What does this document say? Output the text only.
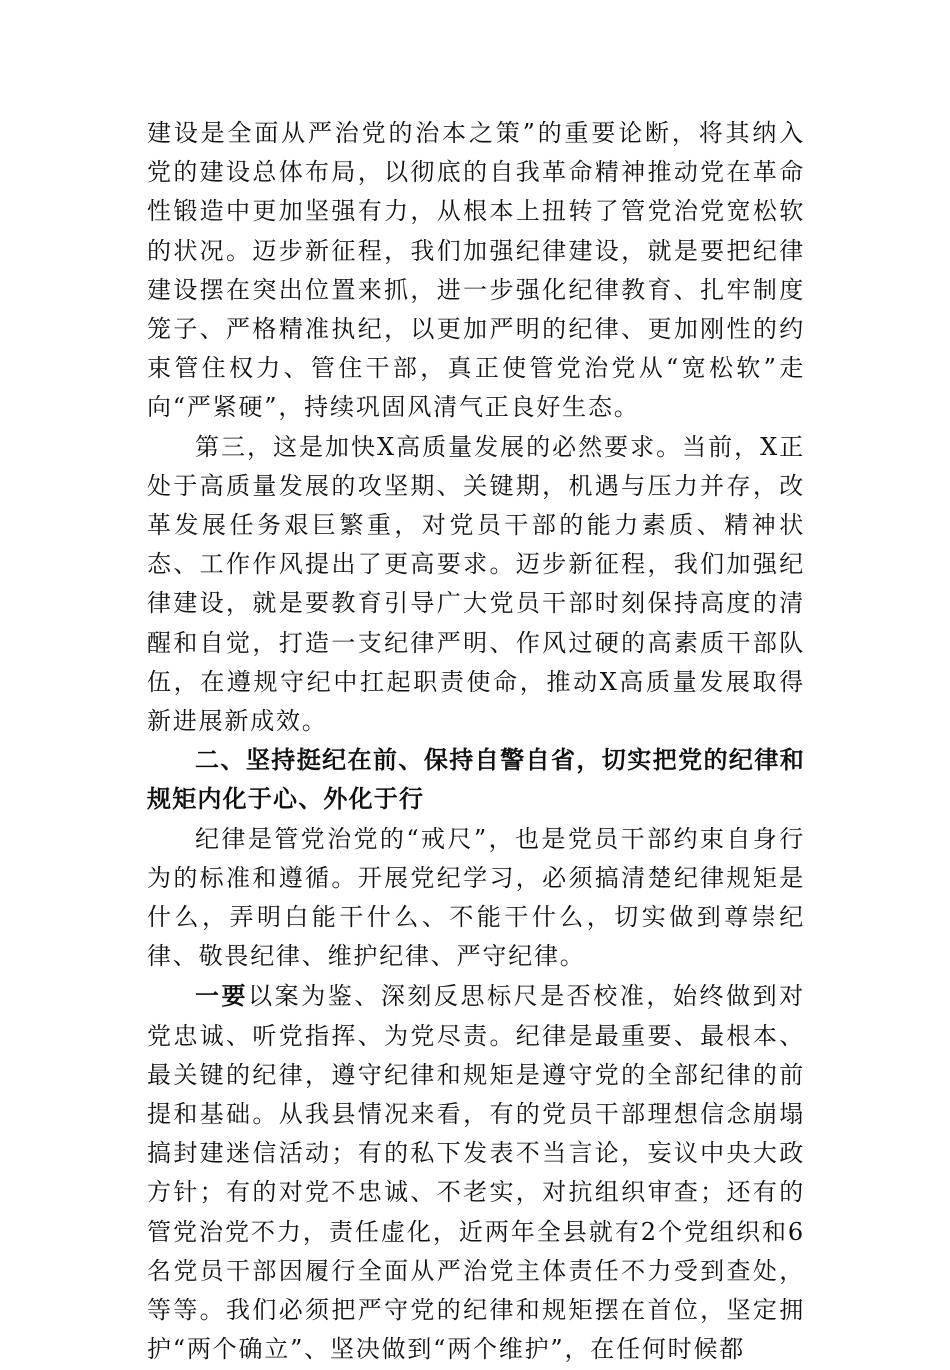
建设是全面从严治党的治本之策”的重要论断，将其纳入党的建设总体布局，以彻底的自我革命精神推动党在革命性锻造中更加坚强有力，从根本上扭转了管党治党宽松软的状况。迈步新征程，我们加强纪律建设，就是要把纪律建设摆在突出位置来抓，进一步强化纪律教育、扎牢制度笼子、严格精准执纪，以更加严明的纪律、更加刚性的约束管住权力、管住干部，真正使管党治党从“宽松软”走向“严紧硬”，持续巩固风清气正良好生态。

第三，这是加快X高质量发展的必然要求。当前，X正处于高质量发展的攻坚期、关键期，机遇与压力并存，改革发展任务艰巨繁重，对党员干部的能力素质、精神状态、工作作风提出了更高要求。迈步新征程，我们加强纪律建设，就是要教育引导广大党员干部时刻保持高度的清醒和自觉，打造一支纪律严明、作风过硬的高素质干部队伍，在遵规守纪中扛起职责使命，推动X高质量发展取得新进展新成效。

二、坚持挺纪在前、保持自警自省，切实把党的纪律和规矩内化于心、外化于行

纪律是管党治党的“戒尺”，也是党员干部约束自身行为的标准和遵循。开展党纪学习，必须搞清楚纪律规矩是什么，弄明白能干什么、不能干什么，切实做到尊崇纪律、敬畏纪律、维护纪律、严守纪律。

一要以案为鉴、深刻反思标尺是否校准，始终做到对党忠诚、听党指挥、为党尽责。纪律是最重要、最根本、最关键的纪律，遵守纪律和规矩是遵守党的全部纪律的前提和基础。从我县情况来看，有的党员干部理想信念崩塌搞封建迷信活动；有的私下发表不当言论，妄议中央大政方针；有的对党不忠诚、不老实，对抗组织审查；还有的管党治党不力，责任虚化，近两年全县就有2个党组织和6名党员干部因履行全面从严治党主体责任不力受到查处，等等。我们必须把严守党的纪律和规矩摆在首位，坚定拥护“两个确立”、坚决做到“两个维护”，在任何时候都
